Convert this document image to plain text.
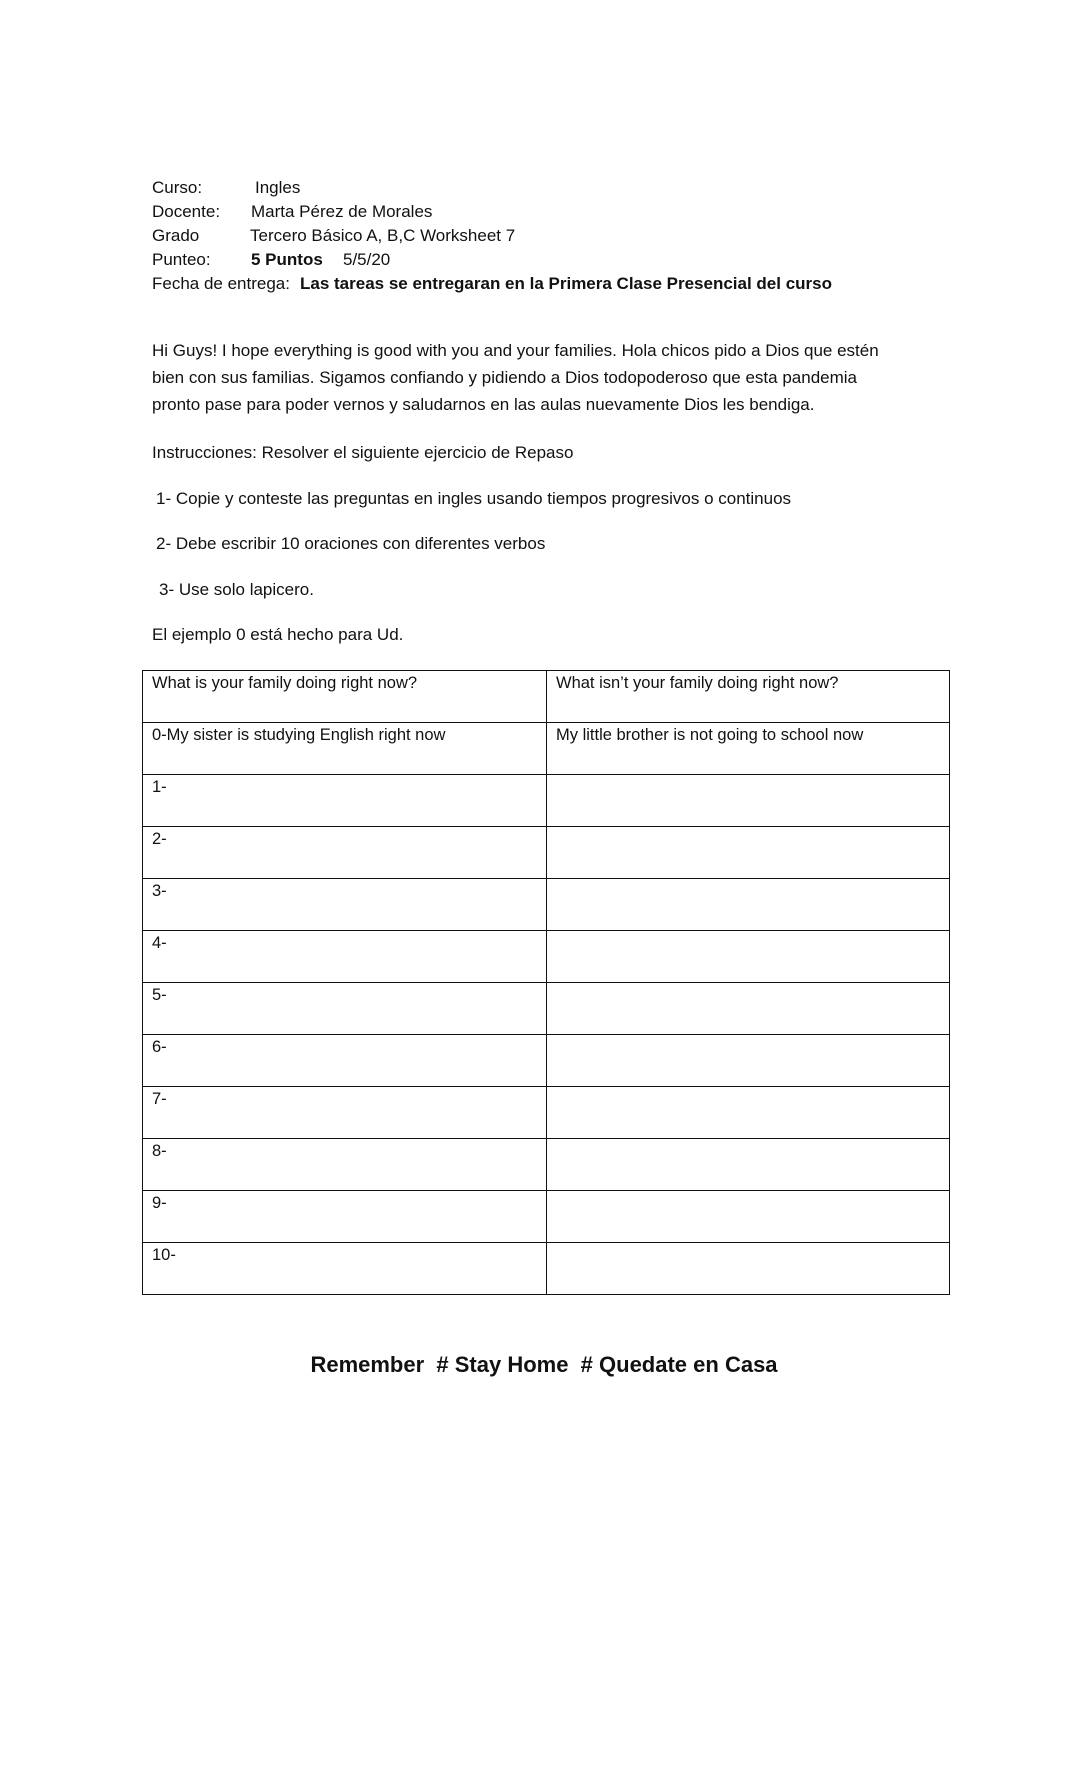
Curso:	Ingles
Docente: Marta Pérez de Morales
Grado	Tercero Básico A, B,C Worksheet 7
Punteo: 5 Puntos 5/5/20
Fecha de entrega: Las tareas se entregaran en la Primera Clase Presencial del curso
Hi Guys! I hope everything is good with you and your families. Hola chicos pido a Dios que estén
bien con sus familias. Sigamos confiando y pidiendo a Dios todopoderoso que esta pandemia
pronto pase para poder vernos y saludarnos en las aulas nuevamente Dios les bendiga.
Instrucciones: Resolver el siguiente ejercicio de Repaso
1- Copie y conteste las preguntas en ingles usando tiempos progresivos o continuos
2- Debe escribir 10 oraciones con diferentes verbos
3- Use solo lapicero.
El ejemplo 0 está hecho para Ud.
What is your family doing right now?	What isn’t your family doing right now?
0-My sister is studying English right now	My little brother is not going to school now
1-	
2-	
3-	
4-	
5-	
6-	
7-	
8-	
9-	
10-	
Remember  # Stay Home  # Quedate en Casa
